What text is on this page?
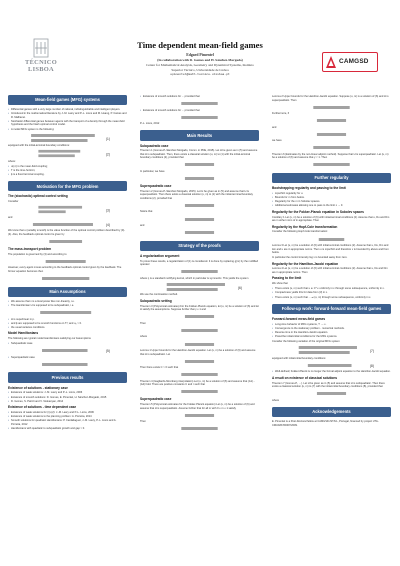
TÉCNICO LISBOA
Time dependent mean-field games
Edgard Pimentel
(In collaboration with D. Gomes and H. Sánchez-Morgado)
Center for Mathematical Analysis, Geometry and Dynamical Systems, Instituto
Superior Técnico, Universidade de Lisboa
epimentel@math.tecnico.ulisboa.pt
CAMGSD
Mean-field games (MFG) systems
• Differential games with a very large number of rational, indistinguishable and intelligent players.
• Introduced in the mathematical literature by J.-M. Lasry and P.-L. Lions and M. Huang, P. Caines and R. Malhamé.
• Stochastic differential games between agents with the transport of a density through the mean-field hypothesis and the Nash optimal control model.
• A model MFG system is the following:
(1)
equipped with the initial-terminal boundary conditions:
(2)
where:
• u(x,t) is the mean-field coupling;
• T is the time-horizon;
• ϕ is a fixed terminal coupling.
Motivation for the MFG problem
The (stochastic) optimal control setting
Consider
(3)
and
(4)
We know that u (suitably smooth) is the value function of the optimal control problem described by (3)-(4). Also, the feedback optimal control is given by
The mass-transport problem
The population is governed by (3) and according to
However, every agent moves according to the feedback optimal control given by the feedback. The former equation becomes then
Main Assumptions
• We assume that x is a local power like non-linearity, i.e.
• The Hamiltonian H is supposed to be subquadratic, i.e.
• H is superlinear in p.
• and ϕ are supposed to be smooth functions on Tᵈ; and u₀ > 0.
• the usual variance conditions.
Model Hamiltonians
The following are typical model Hamiltonians satisfying our Assumptions
• Subquadratic case
(5)
• Superquadratic case
Previous results
Existence of solutions - stationary case
• Existence of weak solutions: J.-M. Lasry and P.-L. Lions, 2006
• Existence of smooth solutions: D. Gomes, E. Pimentel, H. Sánchez-Morgado, 2015
• D. Gomes, S. Patrizi and V. Voskanyan, 2014
Existence of solutions - time dependent case
• Existence of weak solutions for (1)-(2): J.-M. Lasry and P.-L. Lions, 2006
• Existence of weak solutions to the planning problem: A. Porretta, 2014
• Smooth solutions for quadratic Hamiltonians: P. Cardaliaguet, J.-M. Lasry, P.-L. Lions and A. Porretta, 2012
• Hamiltonians with quadratic to subquadratic growth and gap > 0.
• Existence of smooth solutions for ... provided that
• Existence of smooth solutions for ... provided that
P.-L. Lions, 2012
Main Results
Subquadratic case
Theorem 1 (Gomes-P.-Sánchez-Morgado, Comm. in PDE, 2015). Let H be given as in (5) and assume that H is subquadratic. Then, there exists a classical solution (u, m) to (1) with the initial-terminal boundary conditions (2), provided that
In particular, we have
Superquadratic case
Theorem 2 (Gomes-P.-Sánchez-Morgado, 2015). Let H be given as in (5) and assume that H is superquadratic. Then there exists a classical solution (u, m) to (1) with the initial-terminal boundary conditions (2), provided that
Notice that
and
Strategy of the proofs
A regularization argument
To prove these results, a regularization of (1) is considered. It is done by replacing g(m) by the mollified operator
where η is a standard mollifying kernel, which in particular is symmetric. This yields the system
(6)
We use the continuation method.
Subquadratic setting
Theorem 3 (Polynomial estimates) For the Fokker-Planck equation, let (u, m) be a solution of (6) and let H satisfy the assumptions. Suppose further that γ ≤ 1 and
Then
where
Lemma 1 Upper bounds for the Hamilton-Jacobi equation. Let (u, m) be a solution of (6) and assume that H is subquadratic. Let
Then there exists C > 0 such that
Theorem 4 (Gagliardo-Nirenberg interpolation) Let (u, m) be a solution of (6) and assume that (A1) - (A4) hold. There are positive constants C and r such that
Superquadratic case
Theorem 5 (Polynomial estimates for the Fokker-Planck equation) Let (u, m) be a solution of (6) and assume that H is superquadratic. Assume further that for all m with 0 ≤ m ≤ 1 satisfy
Then
Lemma 2 Upper bounds for the Hamilton-Jacobi equation. Suppose (u, m) is a solution of (6) and H is superquadratic. Then
Furthermore, if
and
we have
Theorem 6 (Estimates by the non-linear adjoint method). Suppose that H is superquadratic. Let (u, m) be a solution of (6) and assume that γ < 1. Then
Further regularity
Bootstrapping regularity and passing to the limit
• Lipschitz regularity for u.
• Bounds for m from below.
• Regularity for the m in Sobolev spaces.
• Additional estimates allowing one to pass to the limit ε → 0.
Regularity for the Fokker-Planck equation in Sobolev spaces
Corollary 1 Let (u, m) be a solution of (6) with initial-terminal conditions (2). Assume that u, Du and Dm are in either norm of in appropriate. Then
Regularity by the Hopf-Cole transformation
Consider the following Hopf-Cole transformation:
Lemma 3 Let (u, m) be a solution of (6) with initial-terminal conditions (2). Assume that u, Du, Dm and Δm and u are in appropriate norms. Then u is Lipschitz and therefore v is bounded by above and from below.
In particular the control intensity log v is bounded away from zero.
Regularity for the Hamilton-Jacobi equation
Lemma 4 Let (u, m) be a solution of (6) with initial-terminal conditions (2). Assume that u, Du and Dm are in appropriate norms. Then
Passing to the limit
We show that
• There exists (u, m) such that u ∈ C^∞ uniformly in ε through some subsequence, uniformly in ε.
• Compactness yields this for data from (3) in ε.
• There exists (u, m) such that ... ⇀ (u, m) through some subsequence, uniformly in ε.
Follow-up work: forward-forward mean-field games
Forward-forward mean-field games
• Long-time behavior of MFG systems, T → ∞.
• Convergence to the stationary problem - numerical methods.
• Reverse time in the Hamilton-Jacobi equation.
• Prescribe initial-initial conditions for the MFG systems.
Consider the following variation of the original MFG system
(7)
equipped with initial-initial boundary conditions:
(8)
• Well-defined; Fokker-Planck is no longer the formal adjoint equation to the Hamilton-Jacobi equation.
A result on existence of classical solutions
Theorem 7 (Gomes-P., ...). Let H be given as in (5) and assume that H is subquadratic. Then there exists a classical solution (u, m) to (7) with the initial-initial boundary conditions (8), provided that
where
Acknowledgements
E. Pimentel is a Post-Doctoral fellow at CAMGSD-IST/UL, Portugal, financed by project UTA-CMU/MAT/0007/2009.
